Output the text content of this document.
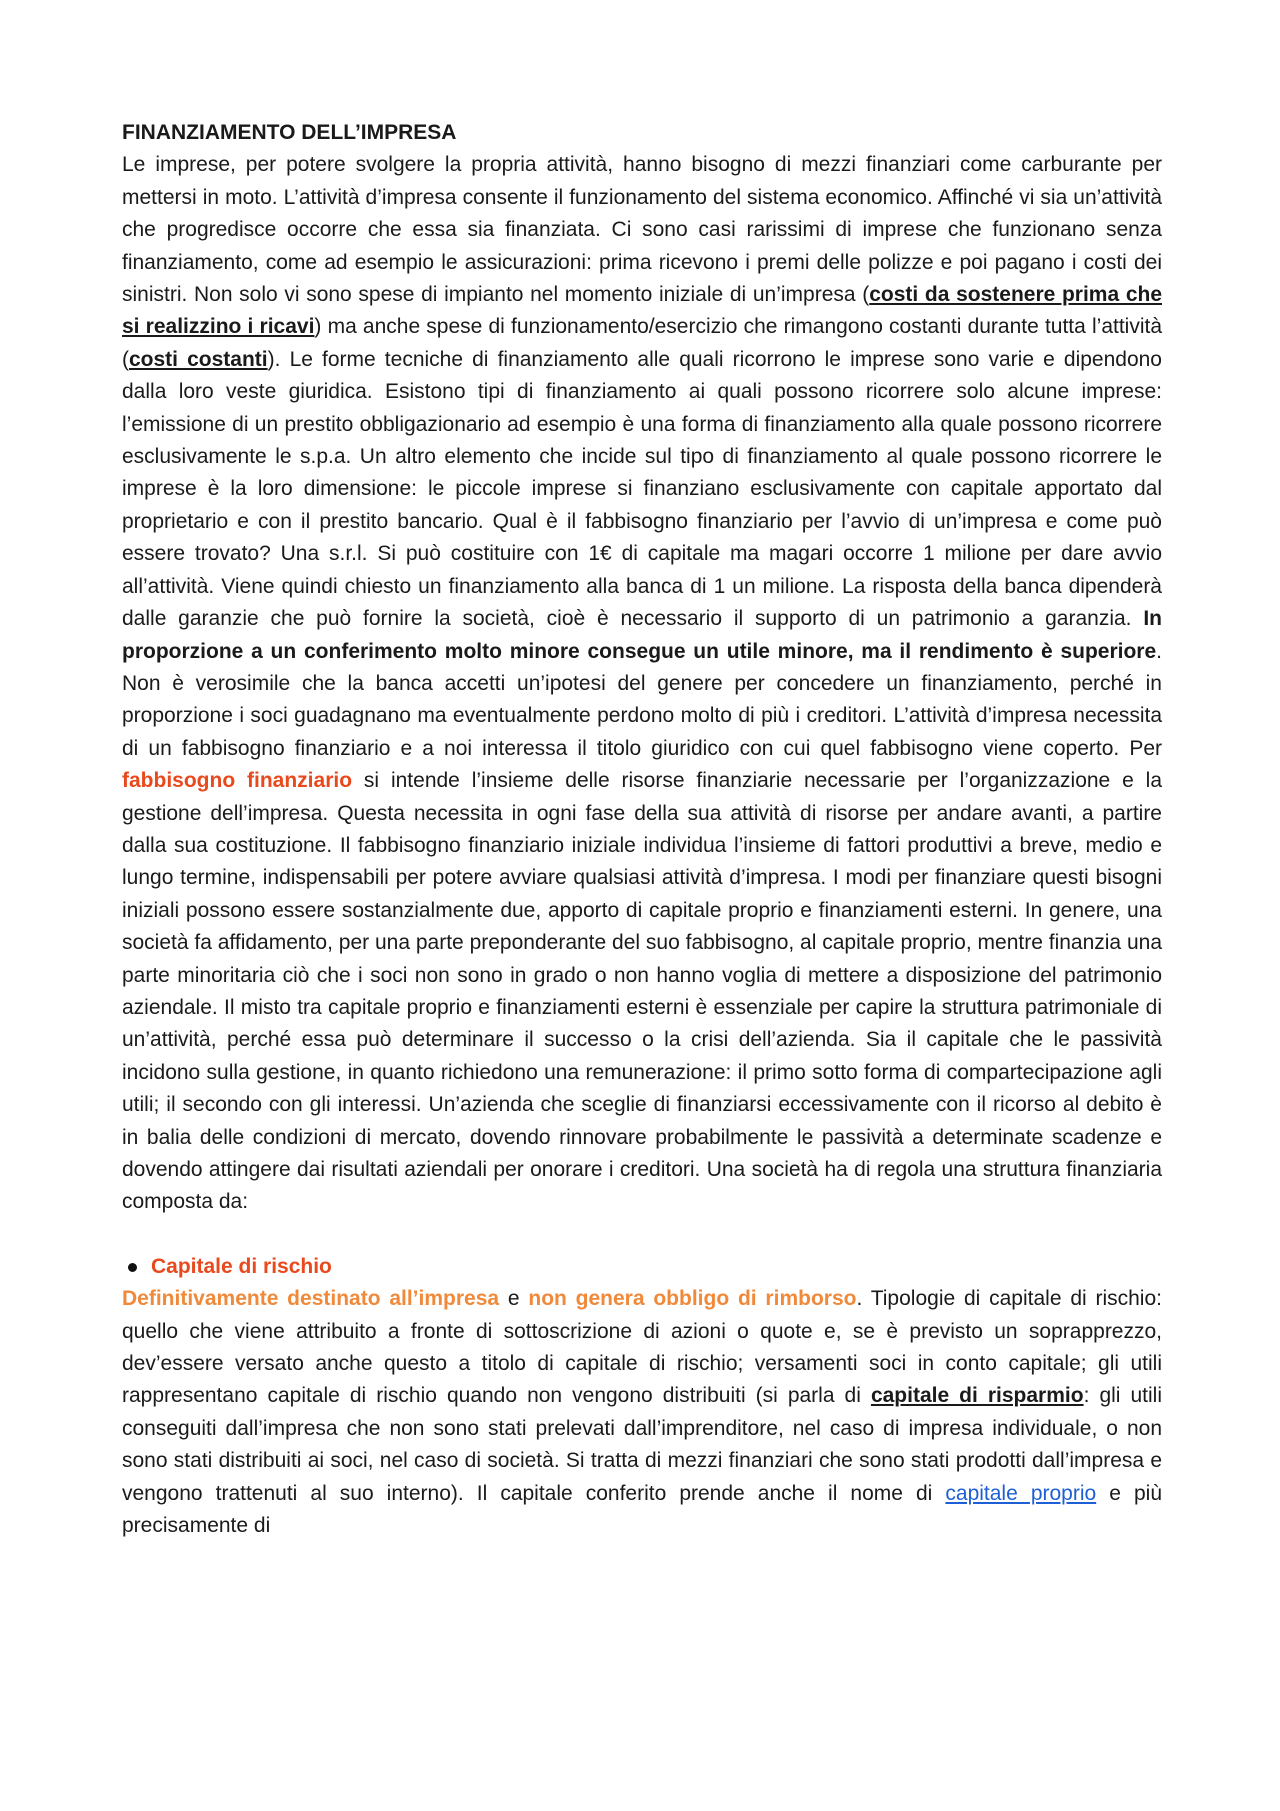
FINANZIAMENTO DELL’IMPRESA

Le imprese, per potere svolgere la propria attività, hanno bisogno di mezzi finanziari come carburante per mettersi in moto. L’attività d’impresa consente il funzionamento del sistema economico. Affinché vi sia un’attività che progredisce occorre che essa sia finanziata. Ci sono casi rarissimi di imprese che funzionano senza finanziamento, come ad esempio le assicurazioni: prima ricevono i premi delle polizze e poi pagano i costi dei sinistri. Non solo vi sono spese di impianto nel momento iniziale di un’impresa (costi da sostenere prima che si realizzino i ricavi) ma anche spese di funzionamento/esercizio che rimangono costanti durante tutta l’attività (costi costanti). Le forme tecniche di finanziamento alle quali ricorrono le imprese sono varie e dipendono dalla loro veste giuridica. Esistono tipi di finanziamento ai quali possono ricorrere solo alcune imprese: l’emissione di un prestito obbligazionario ad esempio è una forma di finanziamento alla quale possono ricorrere esclusivamente le s.p.a. Un altro elemento che incide sul tipo di finanziamento al quale possono ricorrere le imprese è la loro dimensione: le piccole imprese si finanziano esclusivamente con capitale apportato dal proprietario e con il prestito bancario. Qual è il fabbisogno finanziario per l’avvio di un’impresa e come può essere trovato? Una s.r.l. Si può costituire con 1€ di capitale ma magari occorre 1 milione per dare avvio all’attività. Viene quindi chiesto un finanziamento alla banca di 1 un milione. La risposta della banca dipenderà dalle garanzie che può fornire la società, cioè è necessario il supporto di un patrimonio a garanzia. In proporzione a un conferimento molto minore consegue un utile minore, ma il rendimento è superiore. Non è verosimile che la banca accetti un’ipotesi del genere per concedere un finanziamento, perché in proporzione i soci guadagnano ma eventualmente perdono molto di più i creditori. L’attività d’impresa necessita di un fabbisogno finanziario e a noi interessa il titolo giuridico con cui quel fabbisogno viene coperto. Per fabbisogno finanziario si intende l’insieme delle risorse finanziarie necessarie per l’organizzazione e la gestione dell’impresa. Questa necessita in ogni fase della sua attività di risorse per andare avanti, a partire dalla sua costituzione. Il fabbisogno finanziario iniziale individua l’insieme di fattori produttivi a breve, medio e lungo termine, indispensabili per potere avviare qualsiasi attività d’impresa. I modi per finanziare questi bisogni iniziali possono essere sostanzialmente due, apporto di capitale proprio e finanziamenti esterni. In genere, una società fa affidamento, per una parte preponderante del suo fabbisogno, al capitale proprio, mentre finanzia una parte minoritaria ciò che i soci non sono in grado o non hanno voglia di mettere a disposizione del patrimonio aziendale. Il misto tra capitale proprio e finanziamenti esterni è essenziale per capire la struttura patrimoniale di un’attività, perché essa può determinare il successo o la crisi dell’azienda. Sia il capitale che le passività incidono sulla gestione, in quanto richiedono una remunerazione: il primo sotto forma di compartecipazione agli utili; il secondo con gli interessi. Un’azienda che sceglie di finanziarsi eccessivamente con il ricorso al debito è in balia delle condizioni di mercato, dovendo rinnovare probabilmente le passività a determinate scadenze e dovendo attingere dai risultati aziendali per onorare i creditori. Una società ha di regola una struttura finanziaria composta da:

Capitale di rischio

Definitivamente destinato all’impresa e non genera obbligo di rimborso. Tipologie di capitale di rischio: quello che viene attribuito a fronte di sottoscrizione di azioni o quote e, se è previsto un soprapprezzo, dev’essere versato anche questo a titolo di capitale di rischio; versamenti soci in conto capitale; gli utili rappresentano capitale di rischio quando non vengono distribuiti (si parla di capitale di risparmio: gli utili conseguiti dall’impresa che non sono stati prelevati dall’imprenditore, nel caso di impresa individuale, o non sono stati distribuiti ai soci, nel caso di società. Si tratta di mezzi finanziari che sono stati prodotti dall’impresa e vengono trattenuti al suo interno). Il capitale conferito prende anche il nome di capitale proprio e più precisamente di
